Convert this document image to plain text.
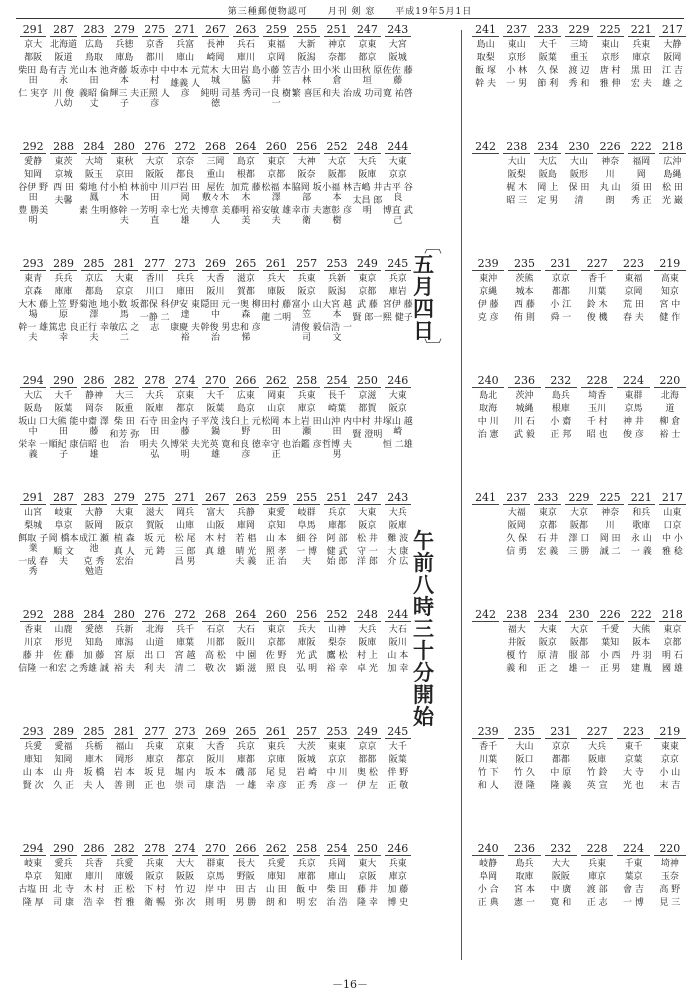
第三種郵便物認可 月刊 剣 窓 平成19年5月1日
291
京大
都阪
柴田 島田
仁 実亨
287
北海道
阪道
有吉 光永
川 俊 八幼
283
広島
鳥取
山本 池田
義昭 倫丈
279
兵徳
庫島
斉藤 坂本
輝三 夫子
275
京香
都川
赤中 中村
正照 人彦
271
兵富
庫山
中本 元
雄義 人彦
267
長神
崎岡
荒木 大城
純明 司徳
263
兵石
庫川
田岩 島脇
基 秀司
259
東福
京岡
小藤 笠井
一良 樹一
255
大新
阪潟
吉小 田林
繁 喜匡
251
神京
奈都
小米 山倉
和夫 治
247
京東
都京
田秋 原垣
成 功司
243
大宮
阪城
佐佐 藤藤
寛 祐啓
292
愛静
知岡
谷伊 野田
豊 勝美明
288
東茨
京城
西 田
夫馨
284
大埼
阪玉
菊地 付鳳
素 生明
280
東秋
京田
小柏 林木
修幹 一夫
276
大京
阪阪
前中 川田
芳明 幸直
272
京奈
都良
戸岩 田岡
七光 夫雄
268
三岡
重山
屋佐 敷々木
博章 美人
264
島京
根都
加荒 藤木
藤明 裕美
260
東京
京都
松福 本澤
安敏 雄夫
256
大神
阪奈
脇岡 坂部
幸市 夫衛
252
大京
阪都
小福 林本
憲彰 彦樹
248
大兵
阪庫
吉嶋 井
太昌 郎明
244
大東
京京
古平 谷良
博直 武己
293
東青
京森
大木 藤場
幹一 雄夫
289
兵兵
庫庫
上笠 野原
篤忠 良幸
285
京広
都島
菊池 地澤
正行 幸夫
281
大東
京京
小数 坂馬
敏広 之二
277
香川
川口
都保 科
一静 二志
273
兵兵
庫田
伊安 東達
康慶 夫裕
269
大香
阪川
隠田 元中
幹俊 男治
265
滋京
賀都
一奥 柳森
忠和 彦悌
261
兵大
庫阪
田村 藤
龍 二明
257
兵東
阪京
富小 山笠
清俊 毅司
253
兵新
阪潟
大宮 越本
信浩 一文
249
東京
京都
武 藤
賢 郎一
245
兵京
庫岩
宮伊 藤
熙 健子
294
大広
阪島
坂山 口中
栄幸 一義
290
大千
阪葉
大熊 能田
順紀 康子
286
静神
岡奈
中齋 澤藤
信昭 也雄
282
大三
阪重
柴 田
和芳 弥治
278
大兵
阪庫
石寺 田田
明夫 久弘
274
京東
都京
金内 子藤
博栄 夫明
270
大千
阪葉
平茂 浅鍋
光英 寛雄
266
広東
島京
臼上 元野
和良 徳彦
262
岡東
山京
松岡 本田
幸守 也正
258
兵東
庫京
上岩 田瀬
治鑑 彦
254
長千
崎葉
山沖 内田
哲博 夫男
250
京滋
都賀
中村 井
賢 澄明
246
大東
阪京
塚山 越崎
恒 二雄
291
山宮
梨城
餌取 子業
一成 春秀
287
岐東
阜京
岡 橋本
順 文 夫
283
大静
阪岡
成江 瀬池
克 秀 勉造
279
大東
阪京
植 森
真 人 宏治
275
滋大
賀阪
坂 元
元 鋳
271
岡兵
山庫
松 尾
三 郎 昌 男
267
富大
山阪
木 村
真 雄
263
兵静
庫岡
若 椙
晴 光 夫 義
259
東愛
京知
山 本
照 孝 正 治
255
岐群
阜馬
細 谷
一 博 夫
251
兵京
庫都
阿 部
健 武 始 郎
247
大東
阪京
松 井
守 一 洋 郎
243
大兵
阪庫
難 波
大 康 介 広
292
香東
川京
藤 井
信隆 一
288
山鹿
形児
佐 藤
和宏 之
284
愛徳
知島
加 藤
秀雄 誠
280
兵新
庫潟
宮 原
裕 夫
276
北海
山道
出 口
利 夫
272
兵千
庫葉
宮 越
清 二
268
石京
川都
高 松
敬 次
264
大石
阪川
中 園
顕 滋
260
東京
京都
佐 野
照 良
256
兵大
庫阪
光 武
弘 明
252
山神
梨奈
鷹 松
裕 幸
248
大兵
阪庫
村 上
卓 光
244
大石
阪川
山 本
加 幸
293
兵愛
庫知
山 本
賢 次
289
愛福
知岡
山 舟
久 正
285
兵栃
庫木
坂 橋
夫 人
281
福山
岡形
岩 本
善 則
277
兵東
庫京
坂 見
正 也
273
京東
都京
堀 内
崇 司
269
大香
阪川
坂 本
康 浩
265
兵京
庫都
磯 部
一 雄
261
東兵
京庫
尾 見
幸 彦
257
大茨
阪城
岩 崎
正 秀
253
東東
京京
中 川
彦 一
249
京京
都都
奥 松
伊 左
245
大千
阪葉
伴 野
正 敬
294
岐東
阜京
古塩 田
隆 厚
290
愛兵
知庫
北 寺
司 康
286
兵香
庫川
木 村
浩 幸
282
兵愛
庫媛
正 松
哲 雅
278
兵東
阪京
下 村
衛 暢
274
大大
阪阪
竹 辺
弥 次
270
群東
京馬
岸 中
則 明
266
長大
野阪
田 古
男 勝
262
兵愛
庫知
山 田
朗 和
258
兵京
庫都
飯 中
明 宏
254
兵岡
庫山
柴 田
治 浩
250
東大
京阪
藤 井
隆 幸
246
兵東
庫京
加 藤
博 史
241
島山
取梨
飯 塚
幹 夫
237
東山
京形
小 林
一 男
233
大千
阪葉
久 保
節 利
229
三埼
重玉
渡 辺
秀 和
225
東山
京形
唐 村
雅 伸
221
兵東
庫京
黒 田
宏 夫
217
大静
阪岡
江 吉
雄 之
242 238
大山
阪梨
梶 木
昭 三
234
大広
阪島
岡 上
定 男
230
大山
阪形
保 田
清
226
神奈
川
丸 山
朗
222
福岡
岡
須 田
秀 正
218
広沖
島縄
松 田
光 巌
239
東沖
京縄
伊 藤
克 彦
235
茨熊
城本
西 藤
侑 則
231
京京
都都
小 江
舜 一
227
香千
川葉
鈴 木
俊 機
223
東福
京岡
荒 田
春 夫
219
高東
知京
宮 中
健 作
240
島北
取海
中 川
治 憲
236
茨沖
城縄
川 石
武 毅
232
島兵
根庫
小 齋
正 邦
228
埼香
玉川
千 村
昭 也
224
東群
京馬
神 井
俊 彦
220
北海
道
柳 倉
裕 士
241 237
大福
阪岡
久 保
信 勇
233
東京
京都
石 井
宏 義
229
大京
阪都
澤 口
三 勝
225
神奈
川
岡 田
誠 二
221
和兵
歌庫
永 山
一 義
217
山東
口京
中 小
雅 稔
242 238
福大
井阪
榎 竹
義 和
234
大東
阪京
原 清
正 之
230
大京
阪都
服 部
雄 一
226
千愛
葉知
小 西
正 男
222
大熊
阪本
丹 羽
建 胤
218
東京
京都
明 石
國 雄
239
香千
川葉
竹 下
和 人
235
大山
阪口
竹 久
澄 隆
231
京京
都都
中 原
隆 義
227
大兵
阪庫
竹 鈴
英 宣
223
東千
京葉
大 寺
光 也
219
東東
京京
小 山
末 吉
240
岐静
阜岡
小 合
正 典
236
島兵
取庫
宮 本
憲 一
232
大大
阪阪
中 廣
寛 和
228
兵東
庫京
渡 部
正 志
224
千東
葉京
會 吉
一 博
220
埼神
玉奈
高 野
見 三
︹
五月四日
︺
午前八時三十分開始
－16－
